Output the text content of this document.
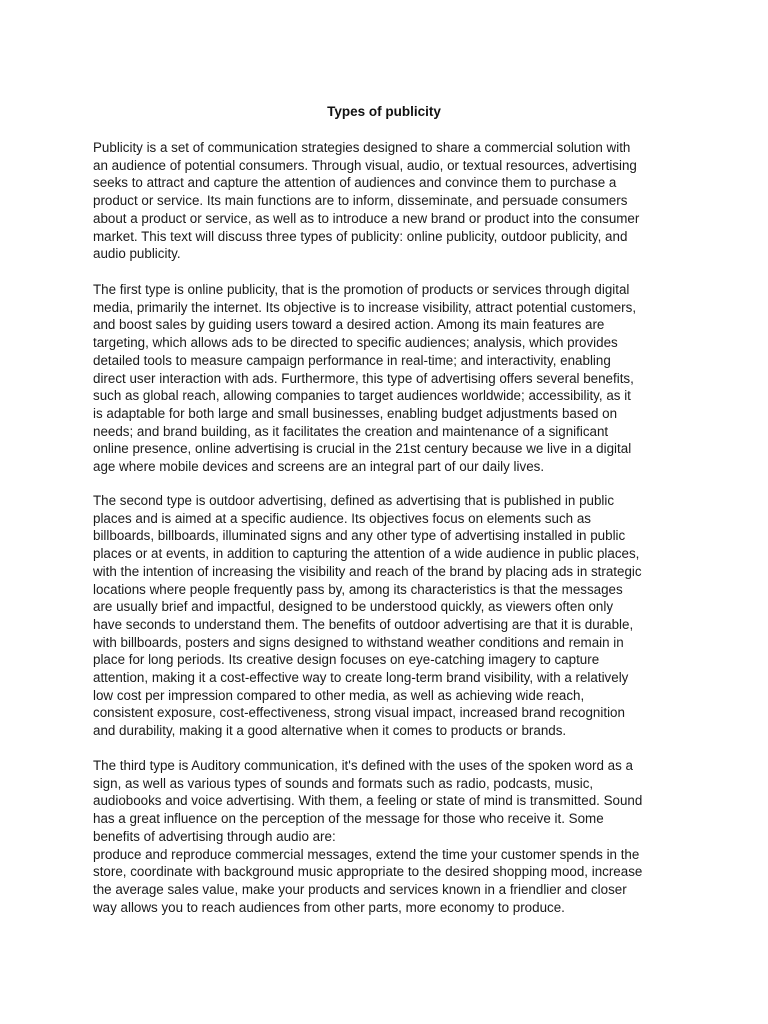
Types of publicity
Publicity is a set of communication strategies designed to share a commercial solution with
an audience of potential consumers. Through visual, audio, or textual resources, advertising
seeks to attract and capture the attention of audiences and convince them to purchase a
product or service. Its main functions are to inform, disseminate, and persuade consumers
about a product or service, as well as to introduce a new brand or product into the consumer
market. This text will discuss three types of publicity: online publicity, outdoor publicity, and
audio publicity.
The first type is online publicity, that is the promotion of products or services through digital
media, primarily the internet. Its objective is to increase visibility, attract potential customers,
and boost sales by guiding users toward a desired action. Among its main features are
targeting, which allows ads to be directed to specific audiences; analysis, which provides
detailed tools to measure campaign performance in real-time; and interactivity, enabling
direct user interaction with ads. Furthermore, this type of advertising offers several benefits,
such as global reach, allowing companies to target audiences worldwide; accessibility, as it
is adaptable for both large and small businesses, enabling budget adjustments based on
needs; and brand building, as it facilitates the creation and maintenance of a significant
online presence, online advertising is crucial in the 21st century because we live in a digital
age where mobile devices and screens are an integral part of our daily lives.
The second type is outdoor advertising, defined as advertising that is published in public
places and is aimed at a specific audience. Its objectives focus on elements such as
billboards, billboards, illuminated signs and any other type of advertising installed in public
places or at events, in addition to capturing the attention of a wide audience in public places,
with the intention of increasing the visibility and reach of the brand by placing ads in strategic
locations where people frequently pass by, among its characteristics is that the messages
are usually brief and impactful, designed to be understood quickly, as viewers often only
have seconds to understand them. The benefits of outdoor advertising are that it is durable,
with billboards, posters and signs designed to withstand weather conditions and remain in
place for long periods. Its creative design focuses on eye-catching imagery to capture
attention, making it a cost-effective way to create long-term brand visibility, with a relatively
low cost per impression compared to other media, as well as achieving wide reach,
consistent exposure, cost-effectiveness, strong visual impact, increased brand recognition
and durability, making it a good alternative when it comes to products or brands.
The third type is Auditory communication, it's defined with the uses of the spoken word as a
sign, as well as various types of sounds and formats such as radio, podcasts, music,
audiobooks and voice advertising. With them, a feeling or state of mind is transmitted. Sound
has a great influence on the perception of the message for those who receive it. Some
benefits of advertising through audio are:
produce and reproduce commercial messages, extend the time your customer spends in the
store, coordinate with background music appropriate to the desired shopping mood, increase
the average sales value, make your products and services known in a friendlier and closer
way allows you to reach audiences from other parts, more economy to produce.
